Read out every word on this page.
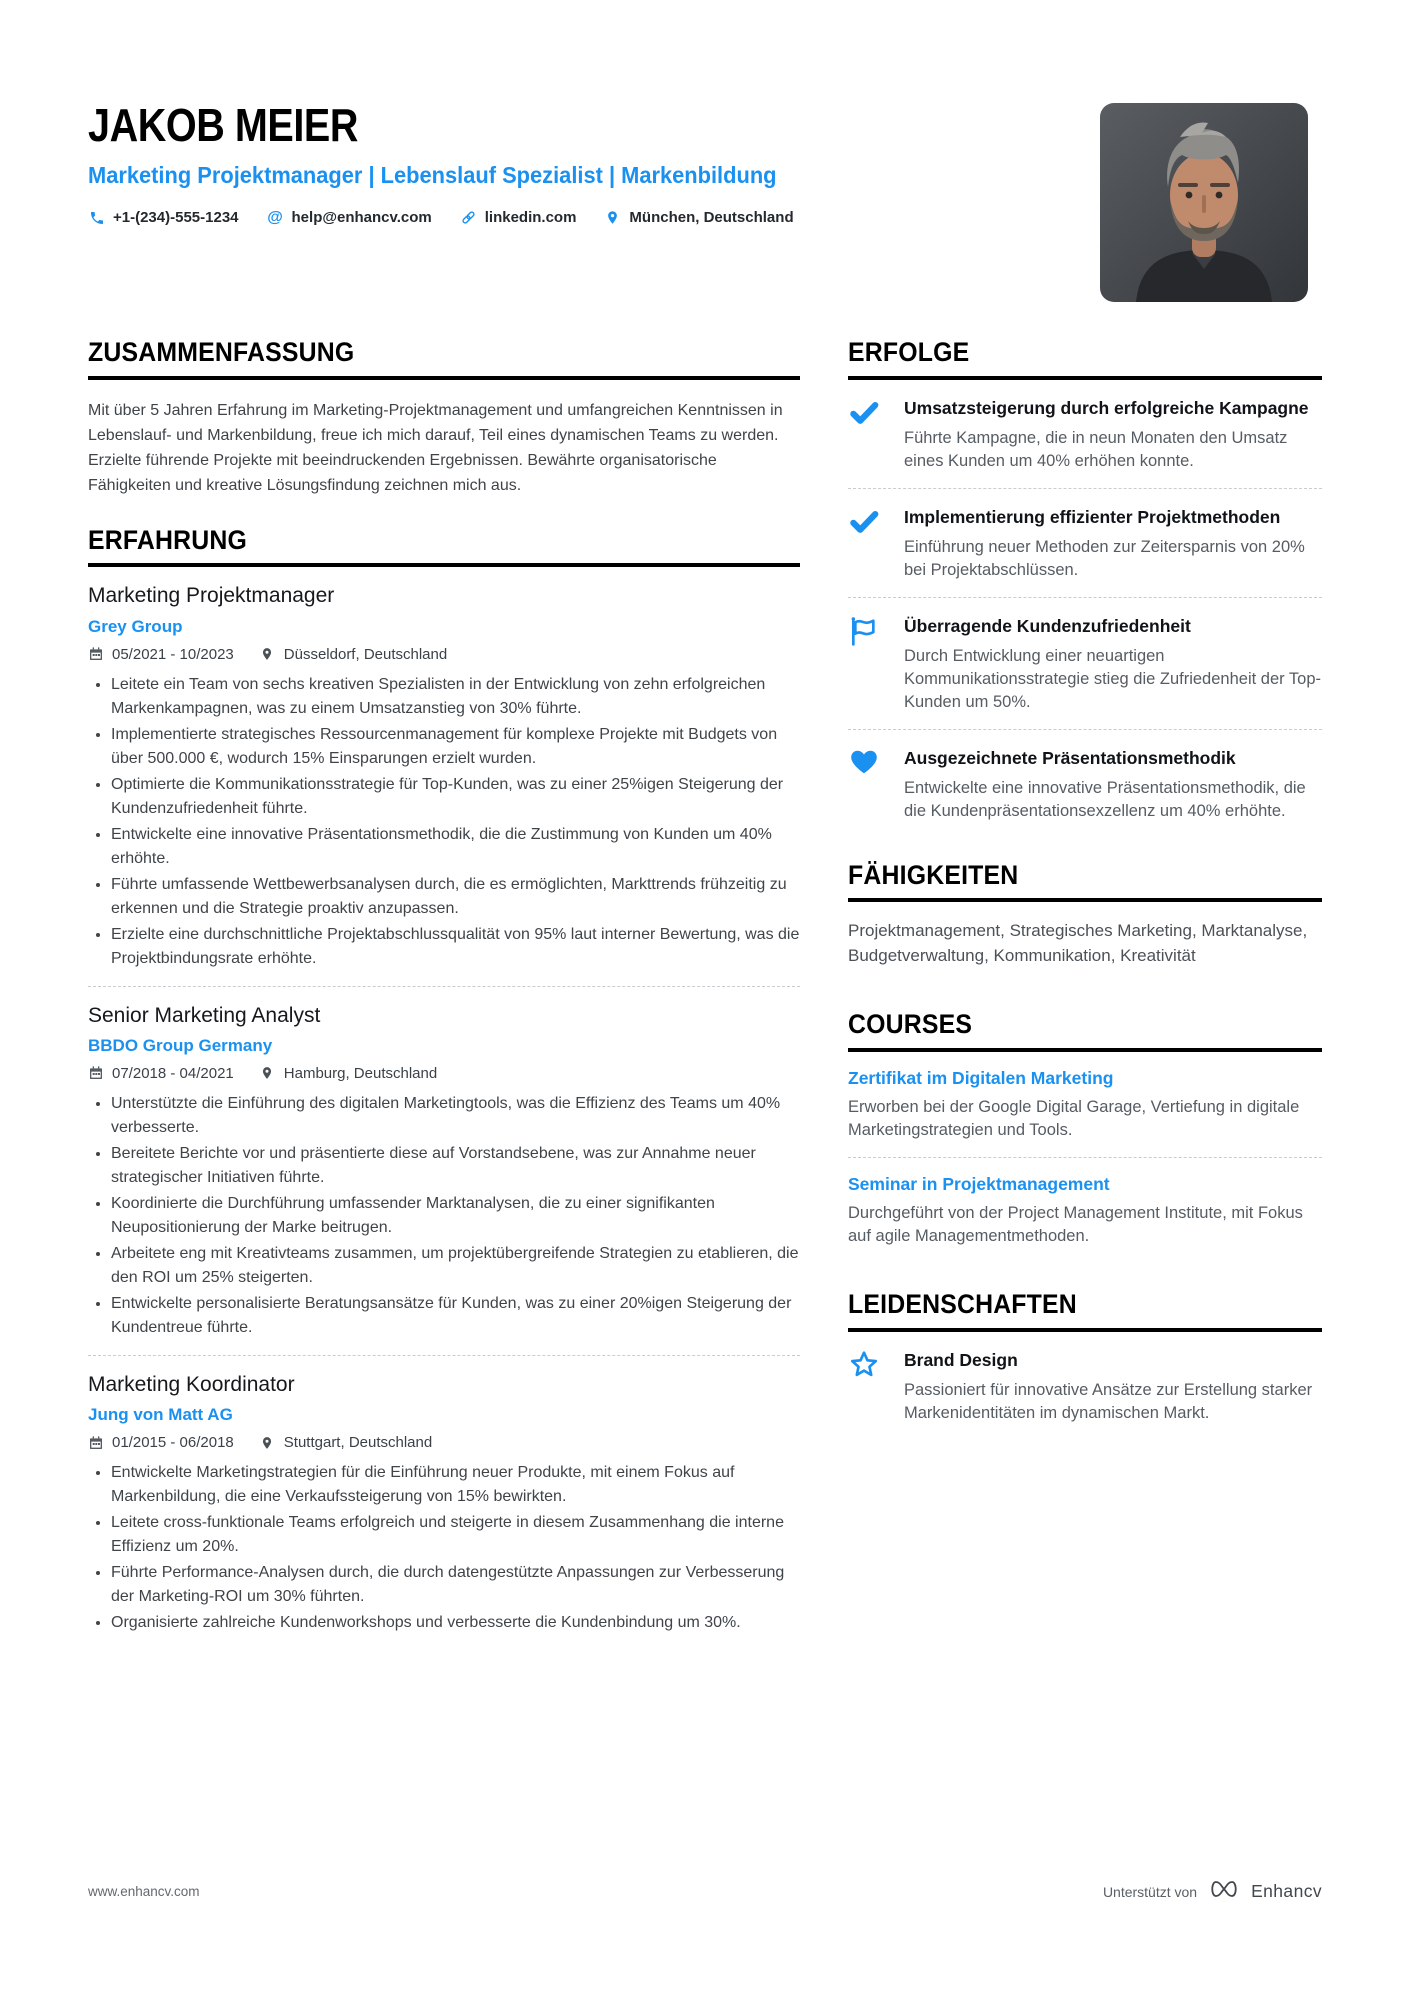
JAKOB MEIER
Marketing Projektmanager | Lebenslauf Spezialist | Markenbildung
+1-(234)-555-1234 @ help@enhancv.com	linkedin.com	München, Deutschland
ZUSAMMENFASSUNG

Mit über 5 Jahren Erfahrung im Marketing-Projektmanagement und umfangreichen Kenntnissen in Lebenslauf- und Markenbildung, freue ich mich darauf, Teil eines dynamischen Teams zu werden. Erzielte führende Projekte mit beeindruckenden Ergebnissen. Bewährte organisatorische Fähigkeiten und kreative Lösungsfindung zeichnen mich aus.

ERFAHRUNG
Marketing Projektmanager
Grey Group
05/2021 - 10/2023	Düsseldorf, Deutschland
• Leitete ein Team von sechs kreativen Spezialisten in der Entwicklung von zehn erfolgreichen Markenkampagnen, was zu einem Umsatzanstieg von 30% führte.
• Implementierte strategisches Ressourcenmanagement für komplexe Projekte mit Budgets von über 500.000 €, wodurch 15% Einsparungen erzielt wurden.
• Optimierte die Kommunikationsstrategie für Top-Kunden, was zu einer 25%igen Steigerung der Kundenzufriedenheit führte.
• Entwickelte eine innovative Präsentationsmethodik, die die Zustimmung von Kunden um 40% erhöhte.
• Führte umfassende Wettbewerbsanalysen durch, die es ermöglichten, Markttrends frühzeitig zu erkennen und die Strategie proaktiv anzupassen.
• Erzielte eine durchschnittliche Projektabschlussqualität von 95% laut interner Bewertung, was die Projektbindungsrate erhöhte.
Senior Marketing Analyst
BBDO Group Germany
07/2018 - 04/2021	Hamburg, Deutschland
• Unterstützte die Einführung des digitalen Marketingtools, was die Effizienz des Teams um 40% verbesserte.
• Bereitete Berichte vor und präsentierte diese auf Vorstandsebene, was zur Annahme neuer strategischer Initiativen führte.
• Koordinierte die Durchführung umfassender Marktanalysen, die zu einer signifikanten Neupositionierung der Marke beitrugen.
• Arbeitete eng mit Kreativteams zusammen, um projektübergreifende Strategien zu etablieren, die den ROI um 25% steigerten.
• Entwickelte personalisierte Beratungsansätze für Kunden, was zu einer 20%igen Steigerung der Kundentreue führte.
Marketing Koordinator
Jung von Matt AG
01/2015 - 06/2018	Stuttgart, Deutschland
• Entwickelte Marketingstrategien für die Einführung neuer Produkte, mit einem Fokus auf Markenbildung, die eine Verkaufssteigerung von 15% bewirkten.
• Leitete cross-funktionale Teams erfolgreich und steigerte in diesem Zusammenhang die interne Effizienz um 20%.
• Führte Performance-Analysen durch, die durch datengestützte Anpassungen zur Verbesserung der Marketing-ROI um 30% führten.
• Organisierte zahlreiche Kundenworkshops und verbesserte die Kundenbindung um 30%.
ERFOLGE

Umsatzsteigerung durch erfolgreiche Kampagne

Führte Kampagne, die in neun Monaten den Umsatz eines Kunden um 40% erhöhen konnte.

Implementierung effizienter Projektmethoden

Einführung neuer Methoden zur Zeitersparnis von 20% bei Projektabschlüssen.

Überragende Kundenzufriedenheit

Durch Entwicklung einer neuartigen Kommunikationsstrategie stieg die Zufriedenheit der Top-Kunden um 50%.

Ausgezeichnete Präsentationsmethodik

Entwickelte eine innovative Präsentationsmethodik, die die Kundenpräsentationsexzellenz um 40% erhöhte.

FÄHIGKEITEN

Projektmanagement, Strategisches Marketing, Marktanalyse, Budgetverwaltung, Kommunikation, Kreativität

COURSES

Zertifikat im Digitalen Marketing

Erworben bei der Google Digital Garage, Vertiefung in digitale Marketingstrategien und Tools.

Seminar in Projektmanagement

Durchgeführt von der Project Management Institute, mit Fokus auf agile Managementmethoden.

LEIDENSCHAFTEN

Brand Design

Passioniert für innovative Ansätze zur Erstellung starker Markenidentitäten im dynamischen Markt.

www.enhancv.com	Unterstützt von	Enhancv
